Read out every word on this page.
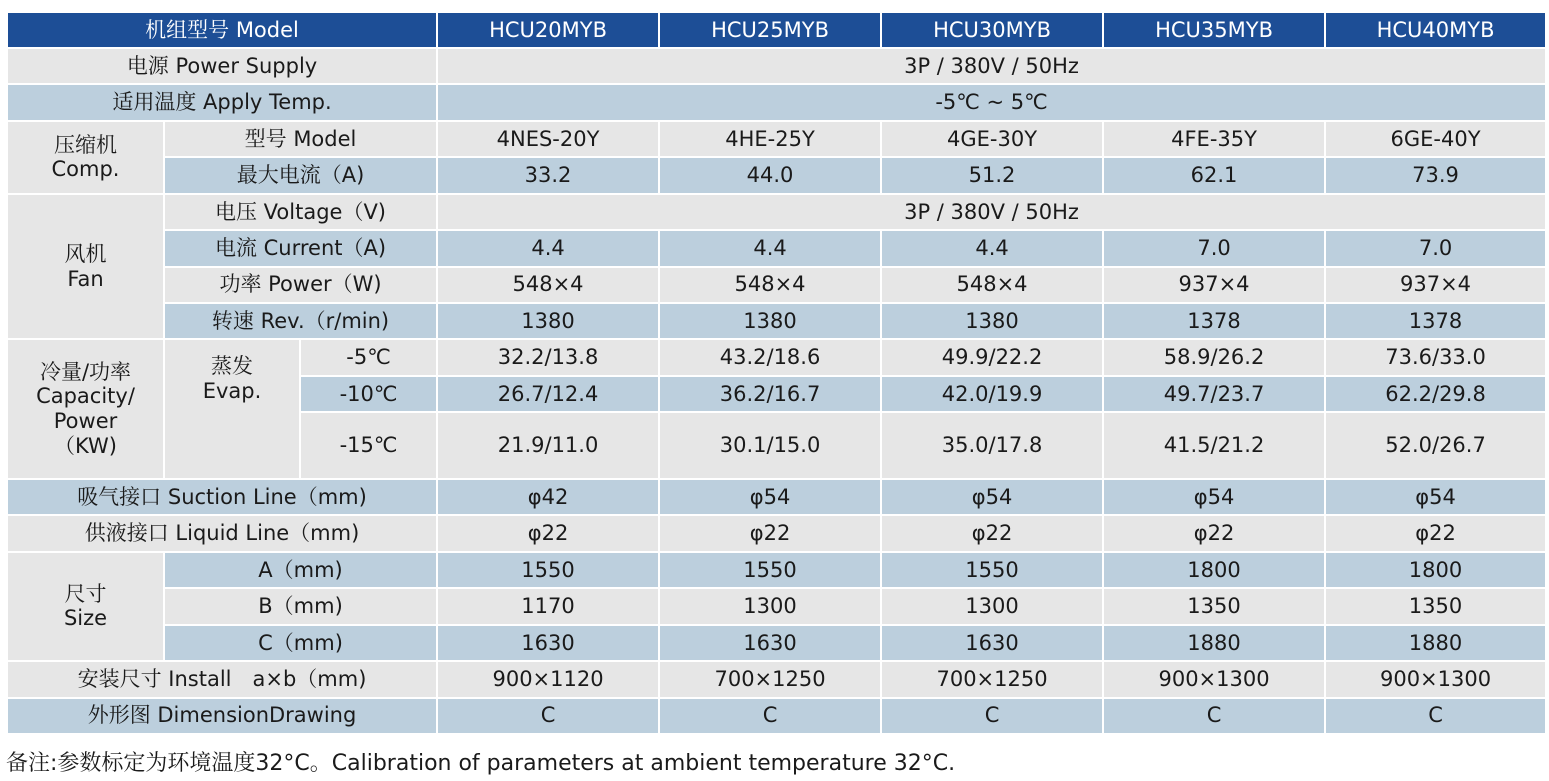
机组型号 Model			HCU20MYB	HCU25MYB	HCU30MYB	HCU35MYB	HCU40MYB
电源 Power Supply			3P / 380V / 50Hz				
适用温度 Apply Temp.			-5℃ ~ 5℃				

压缩机
Comp.	型号 Model		4NES-20Y	4HE-25Y	4GE-30Y	4FE-35Y	6GE-40Y
	最大电流（A)		33.2	44.0	51.2	62.1	73.9

风机
Fan	电压 Voltage（V)		3P / 380V / 50Hz				
	电流 Current（A)		4.4	4.4	4.4	7.0	7.0
	功率 Power（W)		548×4	548×4	548×4	937×4	937×4
	转速 Rev.（r/min)		1380	1380	1380	1378	1378

冷量/功率
Capacity/
Power
（KW)	蒸发
Evap.	-5℃	32.2/13.8	43.2/18.6	49.9/22.2	58.9/26.2	73.6/33.0
		-10℃	26.7/12.4	36.2/16.7	42.0/19.9	49.7/23.7	62.2/29.8
		-15℃	21.9/11.0	30.1/15.0	35.0/17.8	41.5/21.2	52.0/26.7
吸气接口 Suction Line（mm)			φ42	φ54	φ54	φ54	φ54
供液接口 Liquid Line（mm)			φ22	φ22	φ22	φ22	φ22

尺寸
Size	A（mm)		1550	1550	1550	1800	1800
	B（mm)		1170	1300	1300	1350	1350
	C（mm)		1630	1630	1630	1880	1880
安装尺寸 Install　a×b（mm)			900×1120	700×1250	700×1250	900×1300	900×1300
外形图 DimensionDrawing			C	C	C	C	C
备注:参数标定为环境温度32°C。Calibration of parameters at ambient temperature 32°C.
